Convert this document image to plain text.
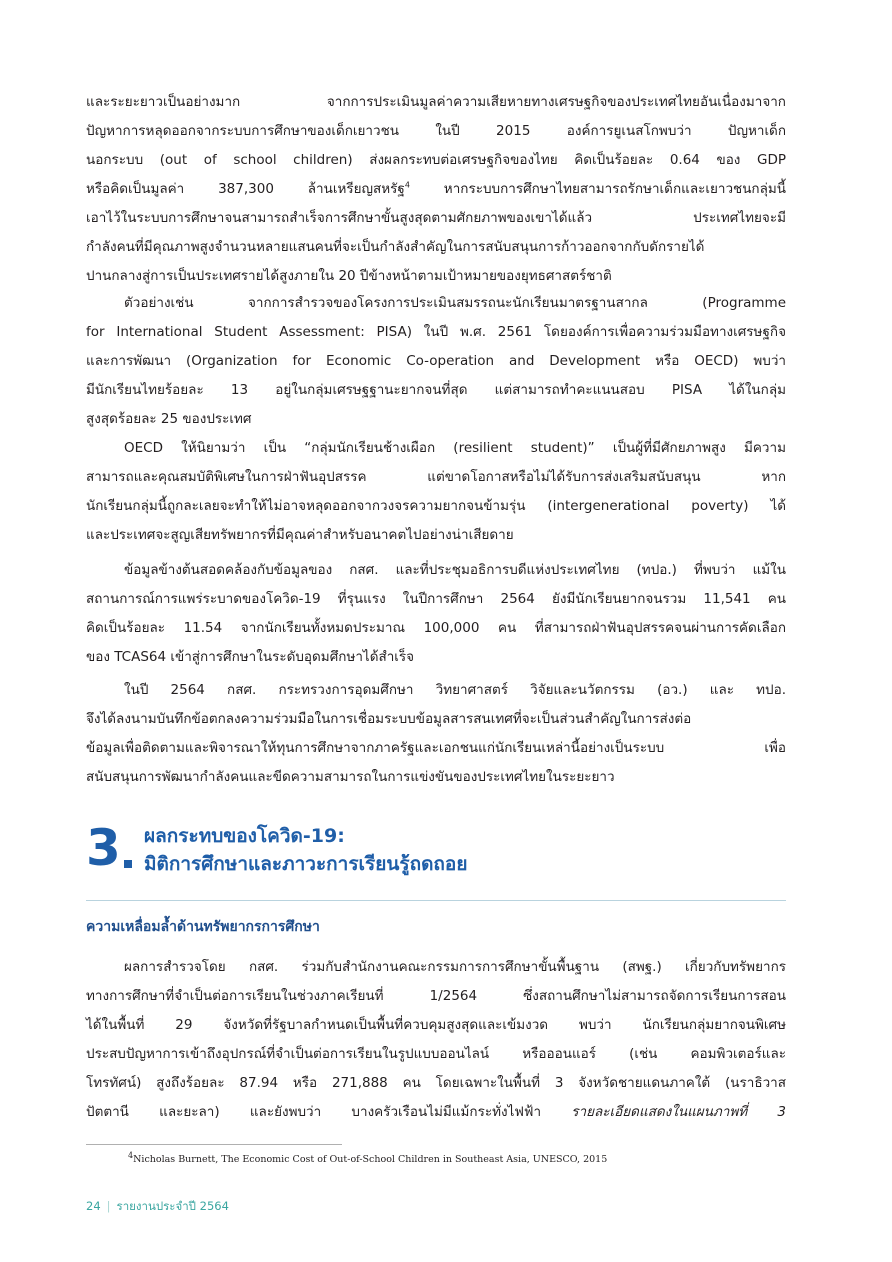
และระยะยาวเป็นอย่างมาก จากการประเมินมูลค่าความเสียหายทางเศรษฐกิจของประเทศไทยอันเนื่องมาจาก
ปัญหาการหลุดออกจากระบบการศึกษาของเด็กเยาวชน ในปี 2015 องค์การยูเนสโกพบว่า ปัญหาเด็ก
นอกระบบ (out of school children) ส่งผลกระทบต่อเศรษฐกิจของไทย คิดเป็นร้อยละ 0.64 ของ GDP
หรือคิดเป็นมูลค่า 387,300 ล้านเหรียญสหรัฐ$^4$ หากระบบการศึกษาไทยสามารถรักษาเด็กและเยาวชนกลุ่มนี้
เอาไว้ในระบบการศึกษาจนสามารถสำเร็จการศึกษาขั้นสูงสุดตามศักยภาพของเขาได้แล้ว ประเทศไทยจะมี
กำลังคนที่มีคุณภาพสูงจำนวนหลายแสนคนที่จะเป็นกำลังสำคัญในการสนับสนุนการก้าวออกจากกับดักรายได้
ปานกลางสู่การเป็นประเทศรายได้สูงภายใน 20 ปีข้างหน้าตามเป้าหมายของยุทธศาสตร์ชาติ
ตัวอย่างเช่น จากการสำรวจของโครงการประเมินสมรรถนะนักเรียนมาตรฐานสากล (Programme
for International Student Assessment: PISA) ในปี พ.ศ. 2561 โดยองค์การเพื่อความร่วมมือทางเศรษฐกิจ
และการพัฒนา (Organization for Economic Co-operation and Development หรือ OECD) พบว่า
มีนักเรียนไทยร้อยละ 13 อยู่ในกลุ่มเศรษฐฐานะยากจนที่สุด แต่สามารถทำคะแนนสอบ PISA ได้ในกลุ่ม
สูงสุดร้อยละ 25 ของประเทศ
OECD ให้นิยามว่า เป็น “กลุ่มนักเรียนช้างเผือก (resilient student)” เป็นผู้ที่มีศักยภาพสูง มีความ
สามารถและคุณสมบัติพิเศษในการฝ่าฟันอุปสรรค แต่ขาดโอกาสหรือไม่ได้รับการส่งเสริมสนับสนุน หาก
นักเรียนกลุ่มนี้ถูกละเลยจะทำให้ไม่อาจหลุดออกจากวงจรความยากจนข้ามรุ่น (intergenerational poverty) ได้
และประเทศจะสูญเสียทรัพยากรที่มีคุณค่าสำหรับอนาคตไปอย่างน่าเสียดาย
ข้อมูลข้างต้นสอดคล้องกับข้อมูลของ กสศ. และที่ประชุมอธิการบดีแห่งประเทศไทย (ทปอ.) ที่พบว่า แม้ใน
สถานการณ์การแพร่ระบาดของโควิด-19 ที่รุนแรง ในปีการศึกษา 2564 ยังมีนักเรียนยากจนรวม 11,541 คน
คิดเป็นร้อยละ 11.54 จากนักเรียนทั้งหมดประมาณ 100,000 คน ที่สามารถฝ่าฟันอุปสรรคจนผ่านการคัดเลือก
ของ TCAS64 เข้าสู่การศึกษาในระดับอุดมศึกษาได้สำเร็จ
ในปี 2564 กสศ. กระทรวงการอุดมศึกษา วิทยาศาสตร์ วิจัยและนวัตกรรม (อว.) และ ทปอ.
จึงได้ลงนามบันทึกข้อตกลงความร่วมมือในการเชื่อมระบบข้อมูลสารสนเทศที่จะเป็นส่วนสำคัญในการส่งต่อ
ข้อมูลเพื่อติดตามและพิจารณาให้ทุนการศึกษาจากภาครัฐและเอกชนแก่นักเรียนเหล่านี้อย่างเป็นระบบ เพื่อ
สนับสนุนการพัฒนากำลังคนและขีดความสามารถในการแข่งขันของประเทศไทยในระยะยาว
3 ผลกระทบของโควิด-19:
มิติการศึกษาและภาวะการเรียนรู้ถดถอย
ความเหลื่อมล้ำด้านทรัพยากรการศึกษา
ผลการสำรวจโดย กสศ. ร่วมกับสำนักงานคณะกรรมการการศึกษาขั้นพื้นฐาน (สพฐ.) เกี่ยวกับทรัพยากร
ทางการศึกษาที่จำเป็นต่อการเรียนในช่วงภาคเรียนที่ 1/2564 ซึ่งสถานศึกษาไม่สามารถจัดการเรียนการสอน
ได้ในพื้นที่ 29 จังหวัดที่รัฐบาลกำหนดเป็นพื้นที่ควบคุมสูงสุดและเข้มงวด พบว่า นักเรียนกลุ่มยากจนพิเศษ
ประสบปัญหาการเข้าถึงอุปกรณ์ที่จำเป็นต่อการเรียนในรูปแบบออนไลน์ หรือออนแอร์ (เช่น คอมพิวเตอร์และ
โทรทัศน์) สูงถึงร้อยละ 87.94 หรือ 271,888 คน โดยเฉพาะในพื้นที่ 3 จังหวัดชายแดนภาคใต้ (นราธิวาส
ปัตตานี และยะลา) และยังพบว่า บางครัวเรือนไม่มีแม้กระทั่งไฟฟ้า รายละเอียดแสดงในแผนภาพที่ 3
$^4$Nicholas Burnett, The Economic Cost of Out-of-School Children in Southeast Asia, UNESCO, 2015
24 | รายงานประจำปี 2564
